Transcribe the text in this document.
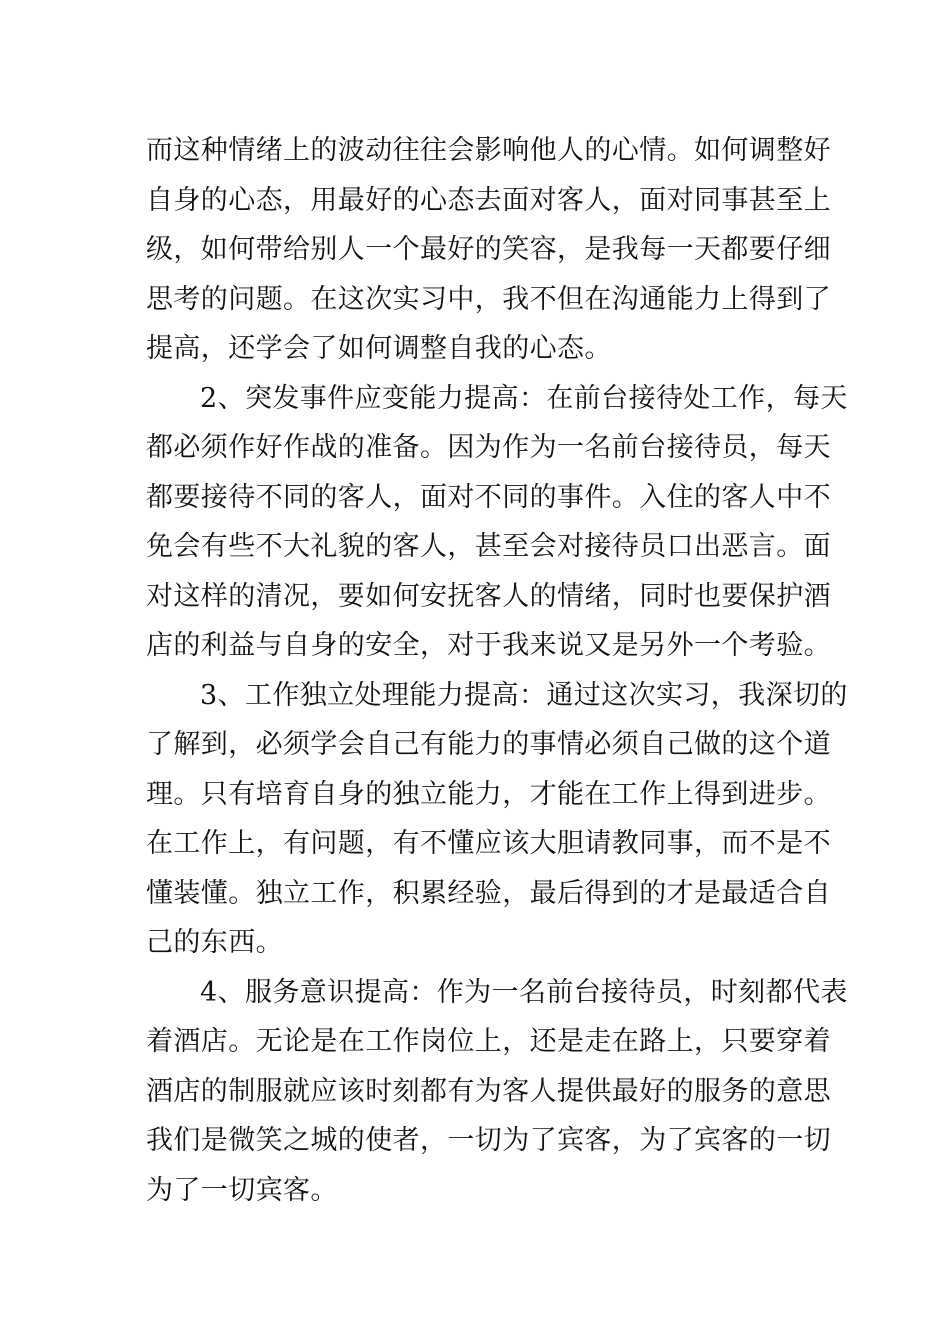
而这种情绪上的波动往往会影响他人的心情。如何调整好
自身的心态，用最好的心态去面对客人，面对同事甚至上
级，如何带给别人一个最好的笑容，是我每一天都要仔细
思考的问题。在这次实习中，我不但在沟通能力上得到了
提高，还学会了如何调整自我的心态。
2、突发事件应变能力提高：在前台接待处工作，每天
都必须作好作战的准备。因为作为一名前台接待员，每天
都要接待不同的客人，面对不同的事件。入住的客人中不
免会有些不大礼貌的客人，甚至会对接待员口出恶言。面
对这样的清况，要如何安抚客人的情绪，同时也要保护酒
店的利益与自身的安全，对于我来说又是另外一个考验。
3、工作独立处理能力提高：通过这次实习，我深切的
了解到，必须学会自己有能力的事情必须自己做的这个道
理。只有培育自身的独立能力，才能在工作上得到进步。
在工作上，有问题，有不懂应该大胆请教同事，而不是不
懂装懂。独立工作，积累经验，最后得到的才是最适合自
己的东西。
4、服务意识提高：作为一名前台接待员，时刻都代表
着酒店。无论是在工作岗位上，还是走在路上，只要穿着
酒店的制服就应该时刻都有为客人提供最好的服务的意思
我们是微笑之城的使者，一切为了宾客，为了宾客的一切
为了一切宾客。
